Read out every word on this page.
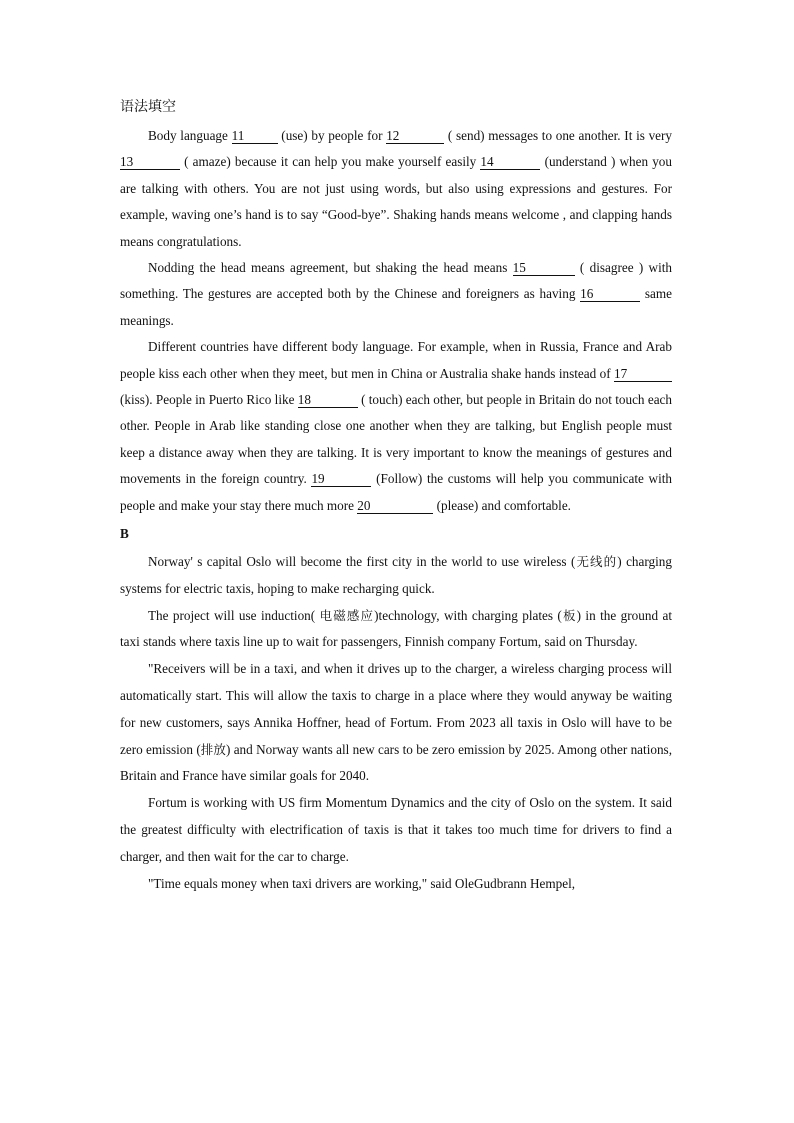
语法填空

Body language 11	(use) by people for 12	( send) messages to one another. It is very 13	( amaze) because it can help you make yourself easily 14	(understand ) when you are talking with others. You are not just using words, but also using expressions and gestures. For example, waving one’s hand is to say “Good-bye”. Shaking hands means welcome , and clapping hands means congratulations.

Nodding the head means agreement, but shaking the head means 15	( disagree ) with something. The gestures are accepted both by the Chinese and foreigners as having 16	same meanings.

Different countries have different body language. For example, when in Russia, France and Arab people kiss each other when they meet, but men in China or Australia shake hands instead of 17 (kiss). People in Puerto Rico like 18	( touch) each other, but people in Britain do not touch each other. People in Arab like standing close one another when they are talking, but English people must keep a distance away when they are talking. It is very important to know the meanings of gestures and movements in the foreign country. 19	(Follow) the customs will help you communicate with people and make your stay there much more 20	(please) and comfortable.

B

Norway' s capital Oslo will become the first city in the world to use wireless (无线的) charging systems for electric taxis, hoping to make recharging quick.

The project will use induction( 电磁感应)technology, with charging plates (板) in the ground at taxi stands where taxis line up to wait for passengers, Finnish company Fortum, said on Thursday.

"Receivers will be in a taxi, and when it drives up to the charger, a wireless charging process will automatically start. This will allow the taxis to charge in a place where they would anyway be waiting for new customers, says Annika Hoffner, head of Fortum. From 2023 all taxis in Oslo will have to be zero emission (排放) and Norway wants all new cars to be zero emission by 2025. Among other nations, Britain and France have similar goals for 2040.

Fortum is working with US firm Momentum Dynamics and the city of Oslo on the system. It said the greatest difficulty with electrification of taxis is that it takes too much time for drivers to find a charger, and then wait for the car to charge.

"Time equals money when taxi drivers are working," said OleGudbrann Hempel,
